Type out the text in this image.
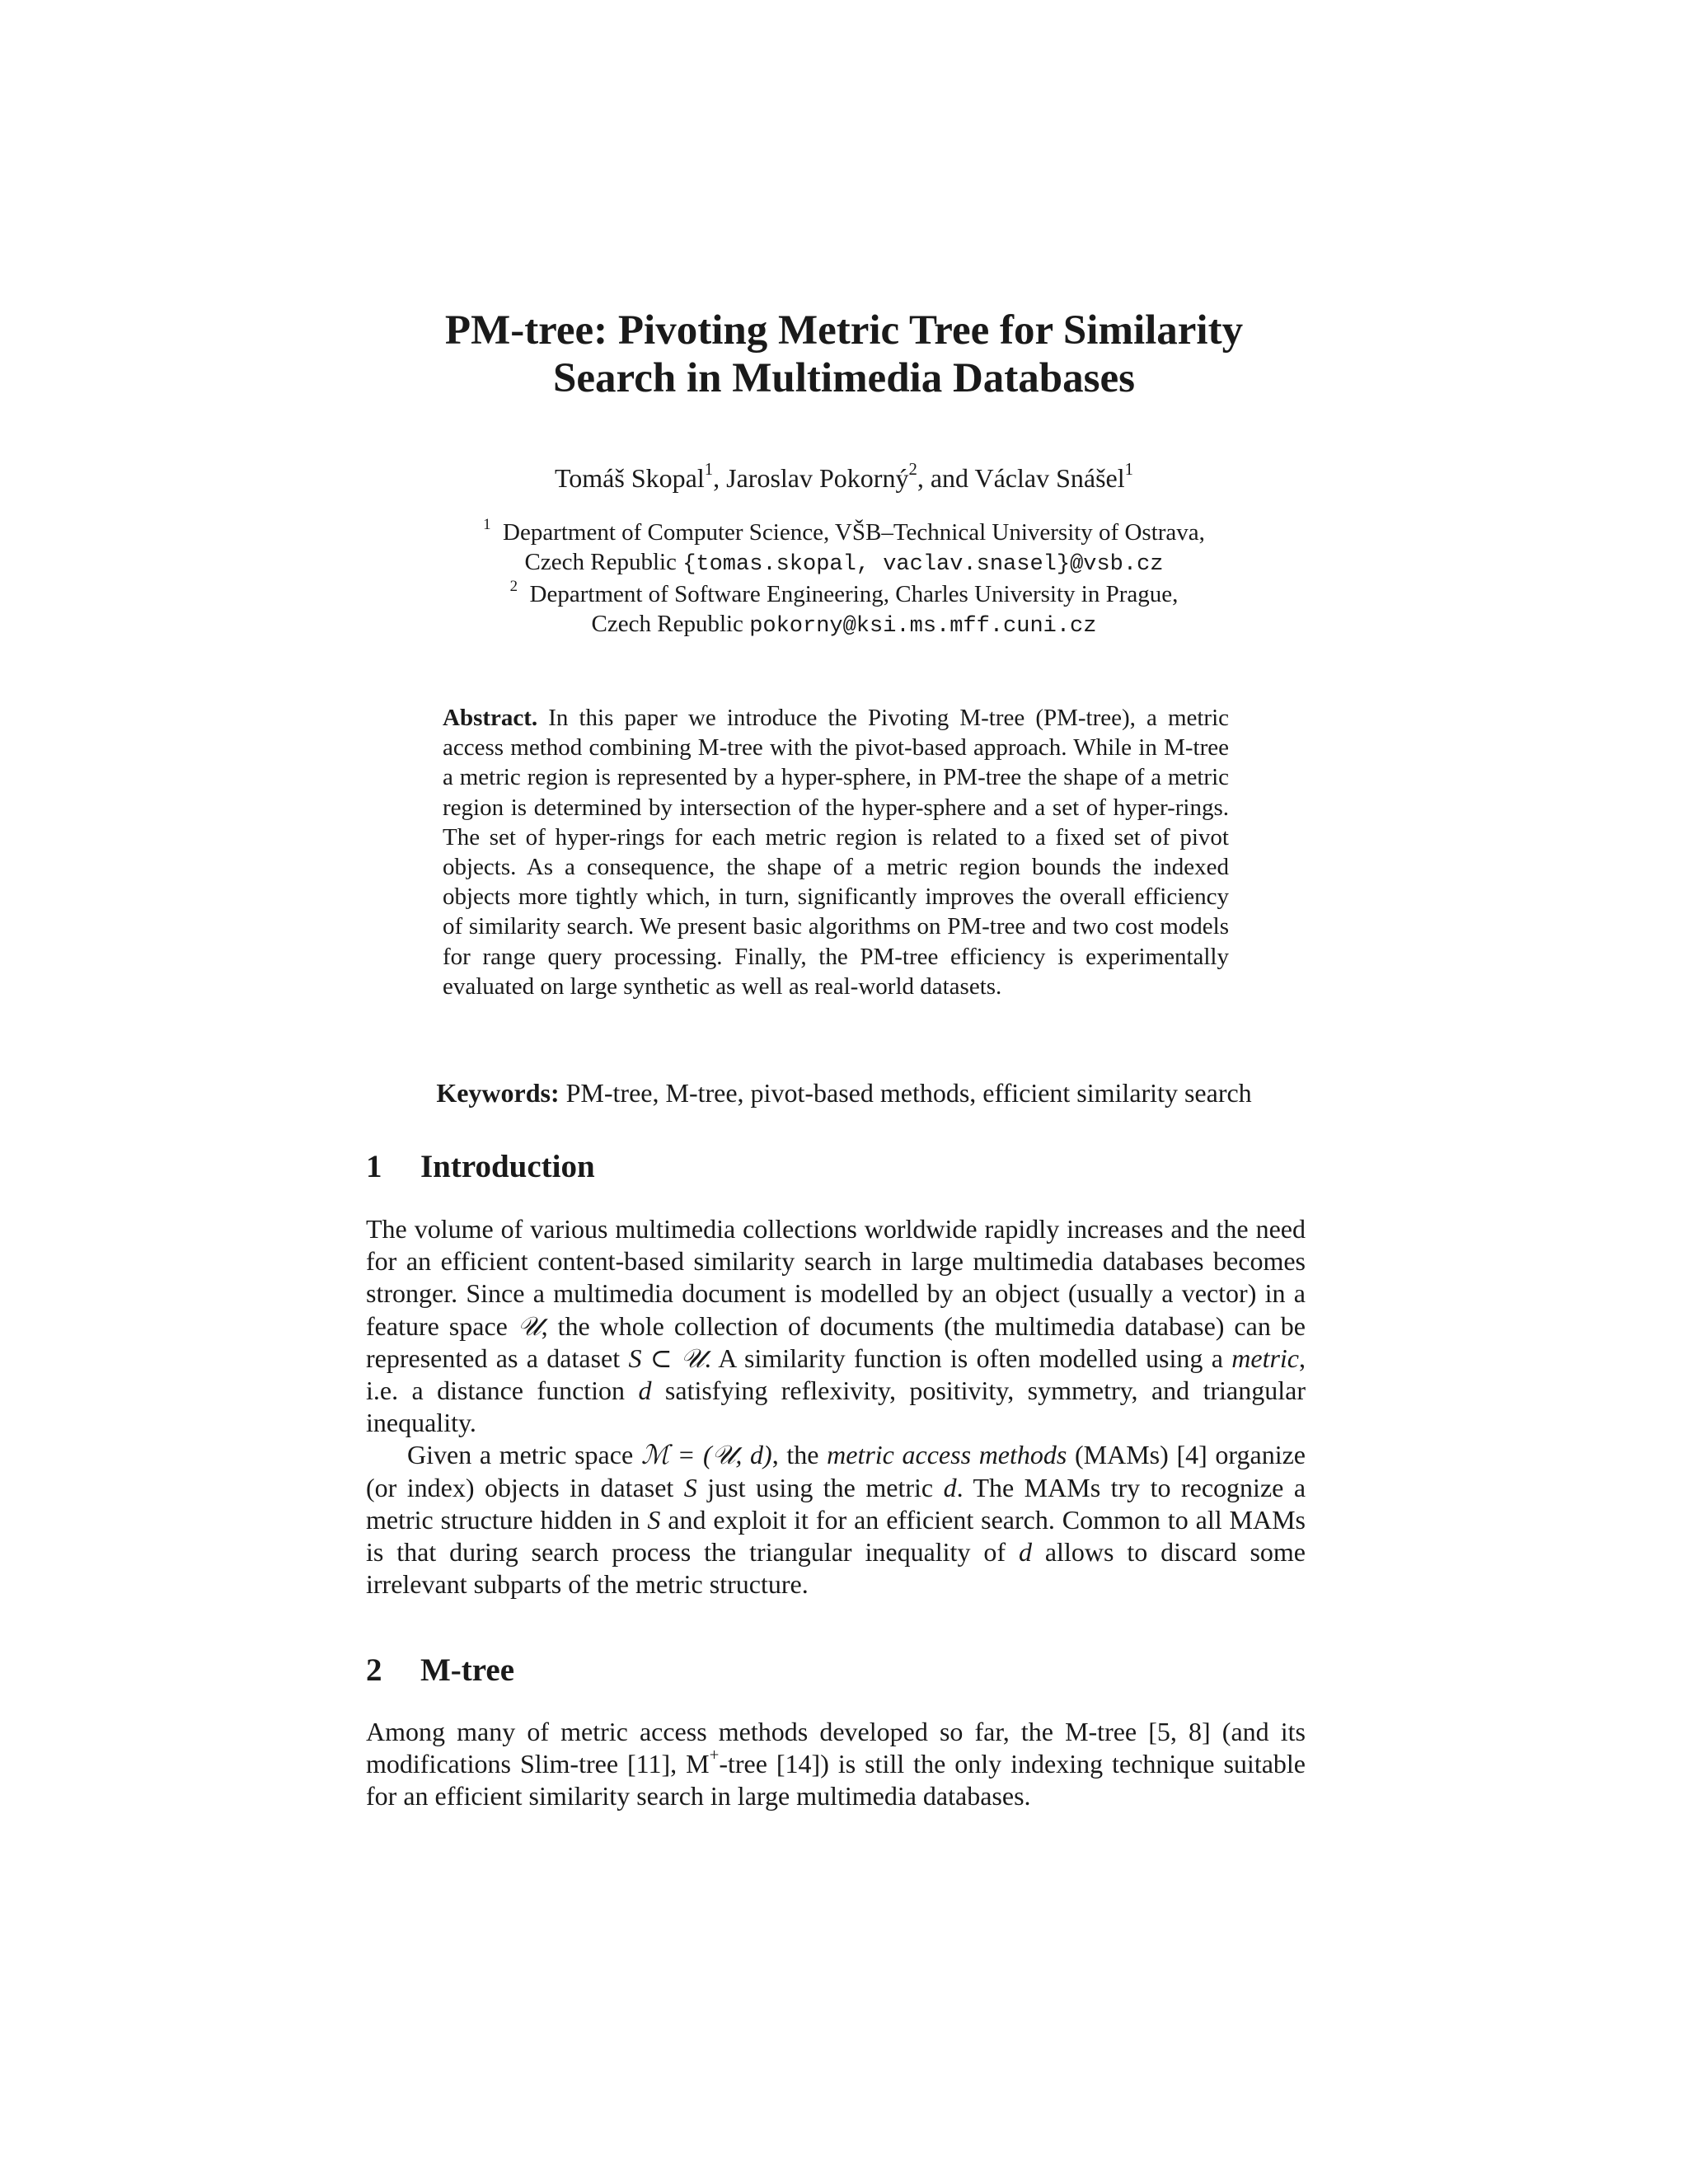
PM-tree: Pivoting Metric Tree for Similarity
Search in Multimedia Databases
Tomáš Skopal$^1$, Jaroslav Pokorný$^2$, and Václav Snášel$^1$
$^1$ Department of Computer Science, VŠB–Technical University of Ostrava,
Czech Republic {tomas.skopal, vaclav.snasel}@vsb.cz
$^2$ Department of Software Engineering, Charles University in Prague,
Czech Republic pokorny@ksi.ms.mff.cuni.cz

Abstract. In this paper we introduce the Pivoting M-tree (PM-tree), a metric access method combining M-tree with the pivot-based approach. While in M-tree a metric region is represented by a hyper-sphere, in PM-tree the shape of a metric region is determined by intersection of the hyper-sphere and a set of hyper-rings. The set of hyper-rings for each metric region is related to a fixed set of pivot objects. As a consequence, the shape of a metric region bounds the indexed objects more tightly which, in turn, significantly improves the overall efficiency of similarity search. We present basic algorithms on PM-tree and two cost models for range query processing. Finally, the PM-tree efficiency is experimentally evaluated on large synthetic as well as real-world datasets.

Keywords: PM-tree, M-tree, pivot-based methods, efficient similarity search
1 Introduction

The volume of various multimedia collections worldwide rapidly increases and the need for an efficient content-based similarity search in large multimedia databases becomes stronger. Since a multimedia document is modelled by an object (usually a vector) in a feature space 𝒰, the whole collection of documents (the multimedia database) can be represented as a dataset S ⊂ 𝒰. A similarity function is often modelled using a metric, i.e. a distance function d satisfying reflexivity, positivity, symmetry, and triangular inequality.

Given a metric space ℳ = (𝒰, d), the metric access methods (MAMs) [4] organize (or index) objects in dataset S just using the metric d. The MAMs try to recognize a metric structure hidden in S and exploit it for an efficient search. Common to all MAMs is that during search process the triangular inequality of d allows to discard some irrelevant subparts of the metric structure.

2 M-tree

Among many of metric access methods developed so far, the M-tree [5, 8] (and its modifications Slim-tree [11], M+-tree [14]) is still the only indexing technique suitable for an efficient similarity search in large multimedia databases.
